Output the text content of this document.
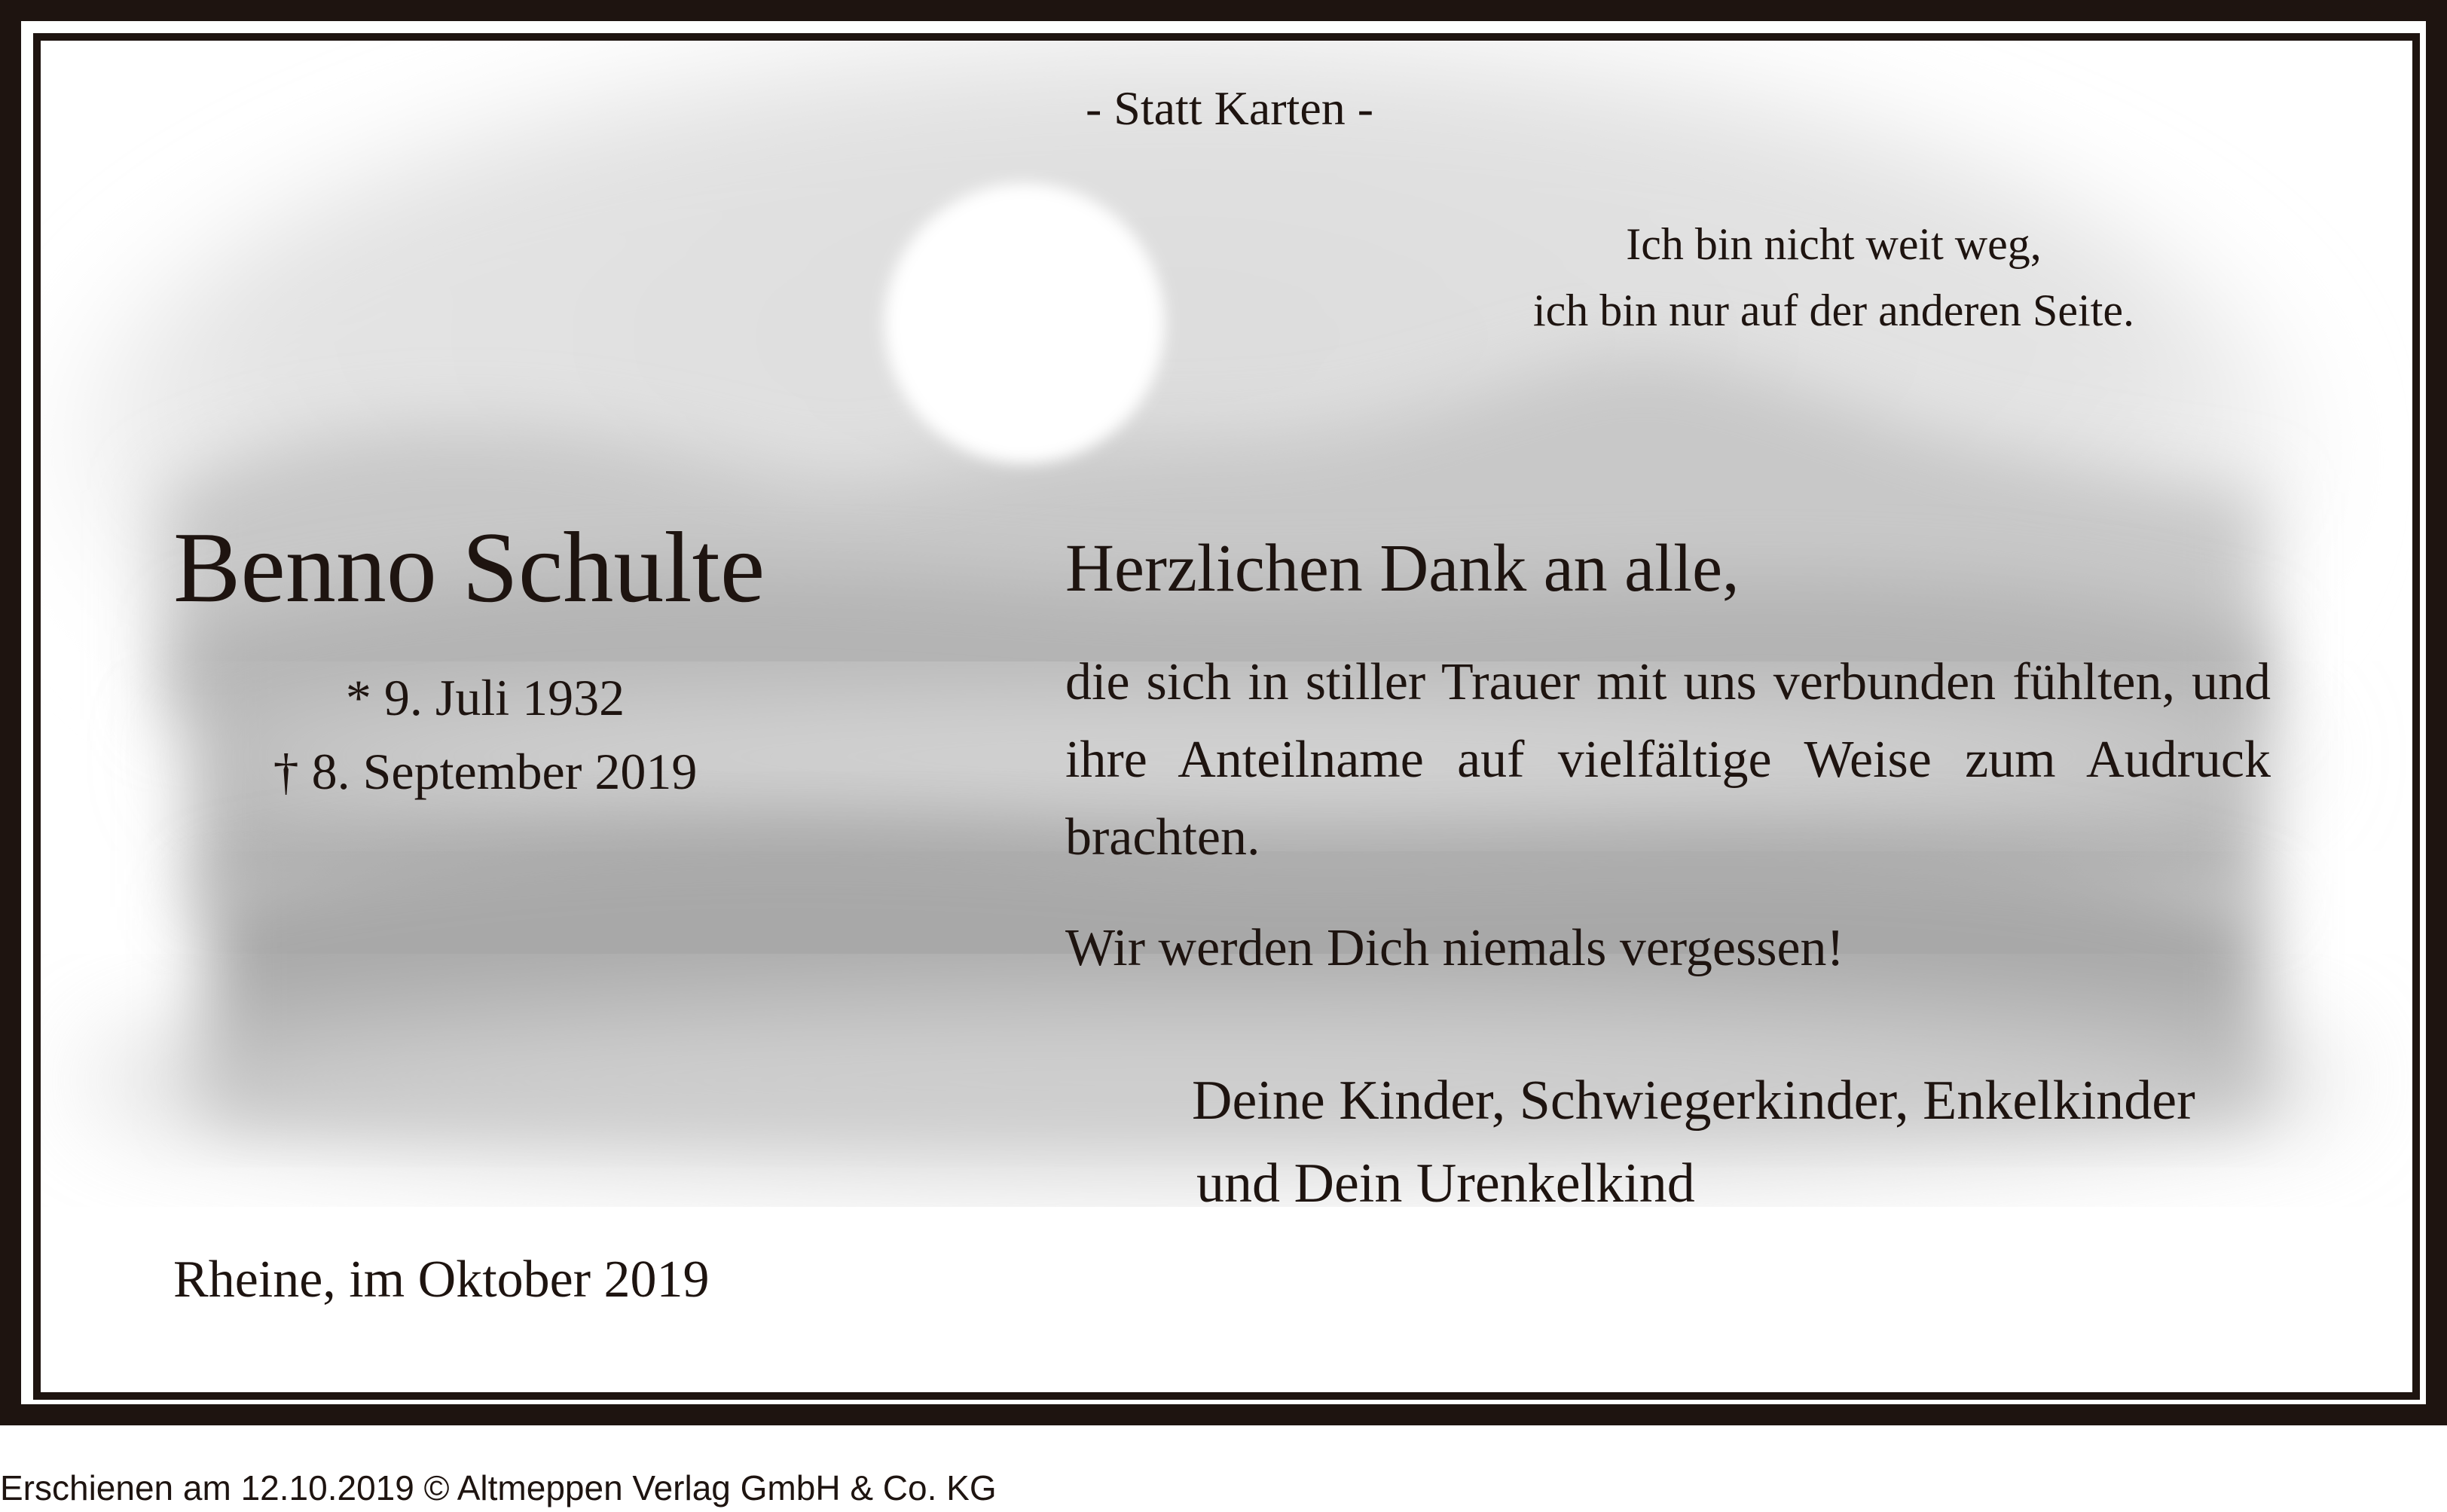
- Statt Karten -
Ich bin nicht weit weg,
ich bin nur auf der anderen Seite.
Benno Schulte
* 9. Juli 1932
† 8. September 2019
Herzlichen Dank an alle,
die sich in stiller Trauer mit uns verbunden fühlten, und ihre Anteilname auf vielfältige Weise zum Audruck brachten.
Wir werden Dich niemals vergessen!
Deine Kinder, Schwiegerkinder, Enkelkinder
und Dein Urenkelkind
Rheine, im Oktober 2019
Erschienen am 12.10.2019 © Altmeppen Verlag GmbH & Co. KG
